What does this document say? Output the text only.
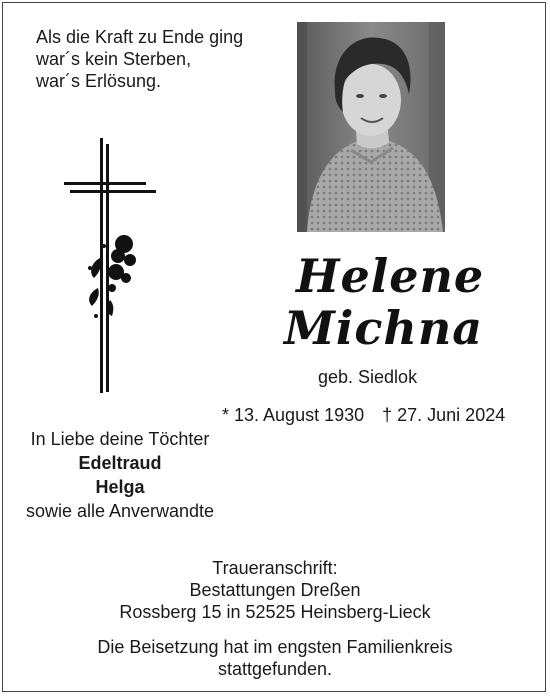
Als die Kraft zu Ende ging
war´s kein Sterben,
war´s Erlösung.
Helene
Michna
geb. Siedlok
* 13. August 1930 † 27. Juni 2024
In Liebe deine Töchter
Edeltraud
Helga
sowie alle Anverwandte
Traueranschrift:
Bestattungen Dreßen
Rossberg 15 in 52525 Heinsberg-Lieck
Die Beisetzung hat im engsten Familienkreis
stattgefunden.
